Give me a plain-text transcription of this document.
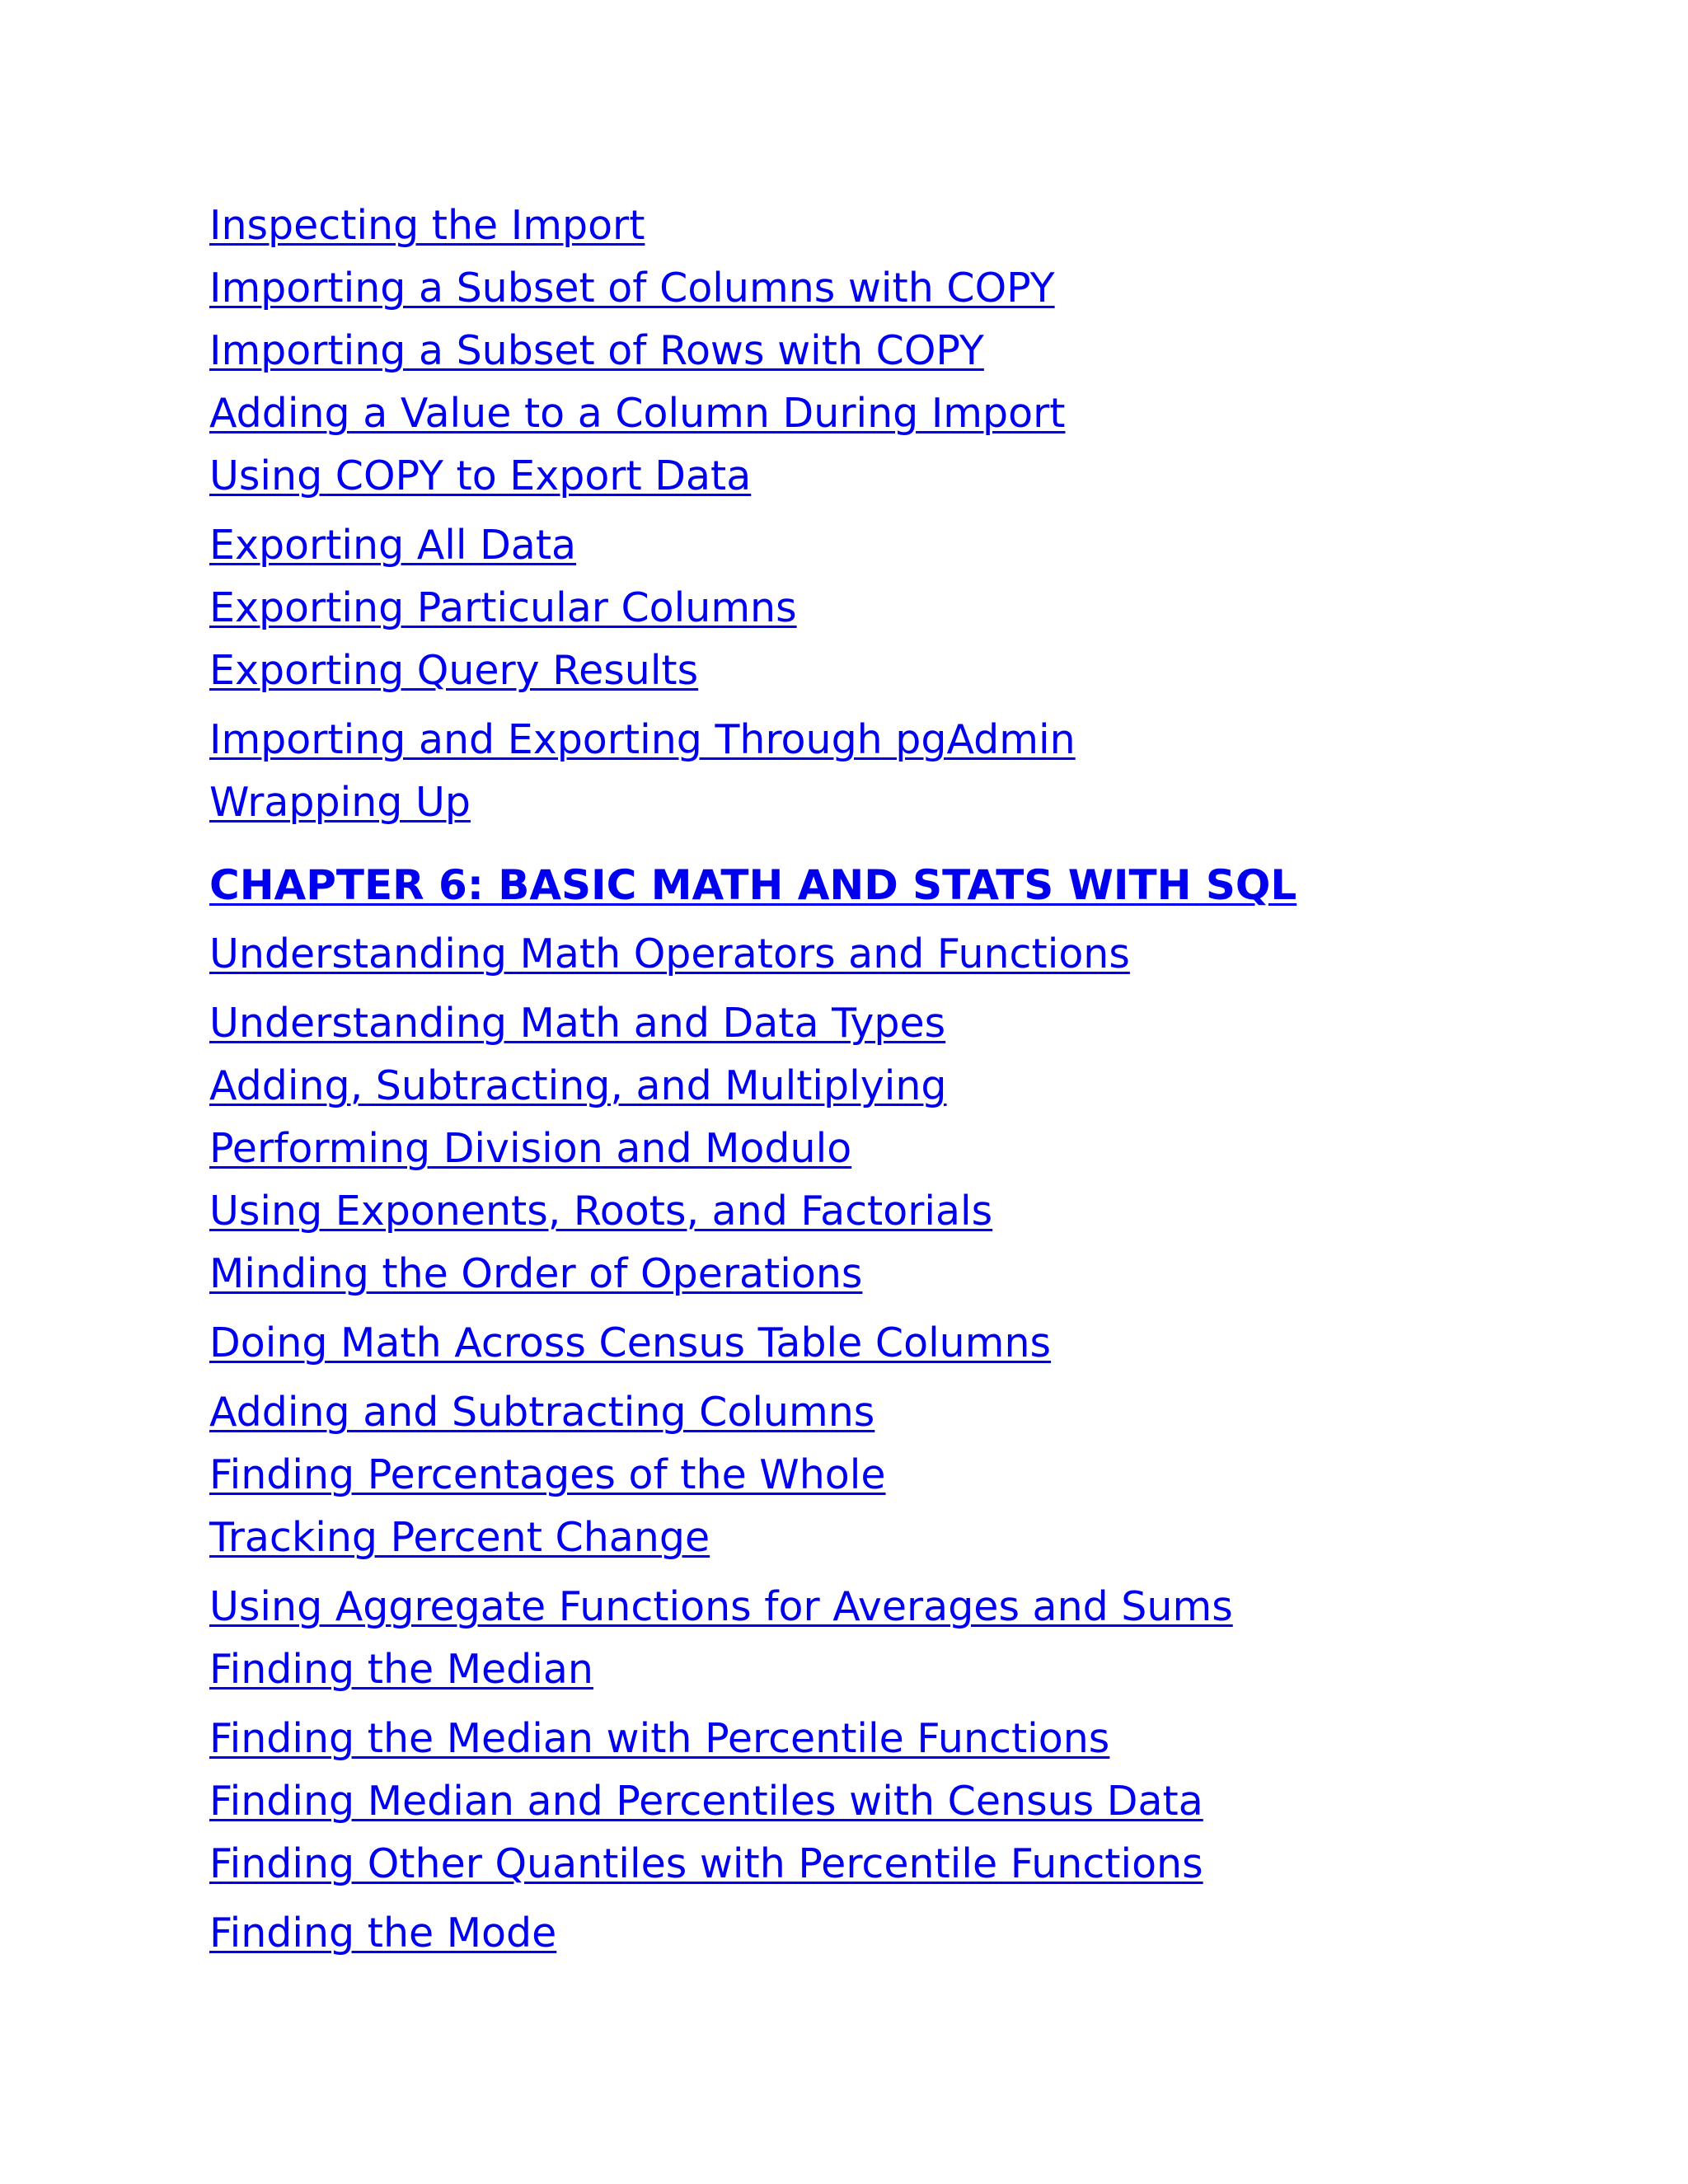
Inspecting the Import
Importing a Subset of Columns with COPY
Importing a Subset of Rows with COPY
Adding a Value to a Column During Import
Using COPY to Export Data
Exporting All Data
Exporting Particular Columns
Exporting Query Results
Importing and Exporting Through pgAdmin
Wrapping Up
CHAPTER 6: BASIC MATH AND STATS WITH SQL
Understanding Math Operators and Functions
Understanding Math and Data Types
Adding, Subtracting, and Multiplying
Performing Division and Modulo
Using Exponents, Roots, and Factorials
Minding the Order of Operations
Doing Math Across Census Table Columns
Adding and Subtracting Columns
Finding Percentages of the Whole
Tracking Percent Change
Using Aggregate Functions for Averages and Sums
Finding the Median
Finding the Median with Percentile Functions
Finding Median and Percentiles with Census Data
Finding Other Quantiles with Percentile Functions
Finding the Mode
